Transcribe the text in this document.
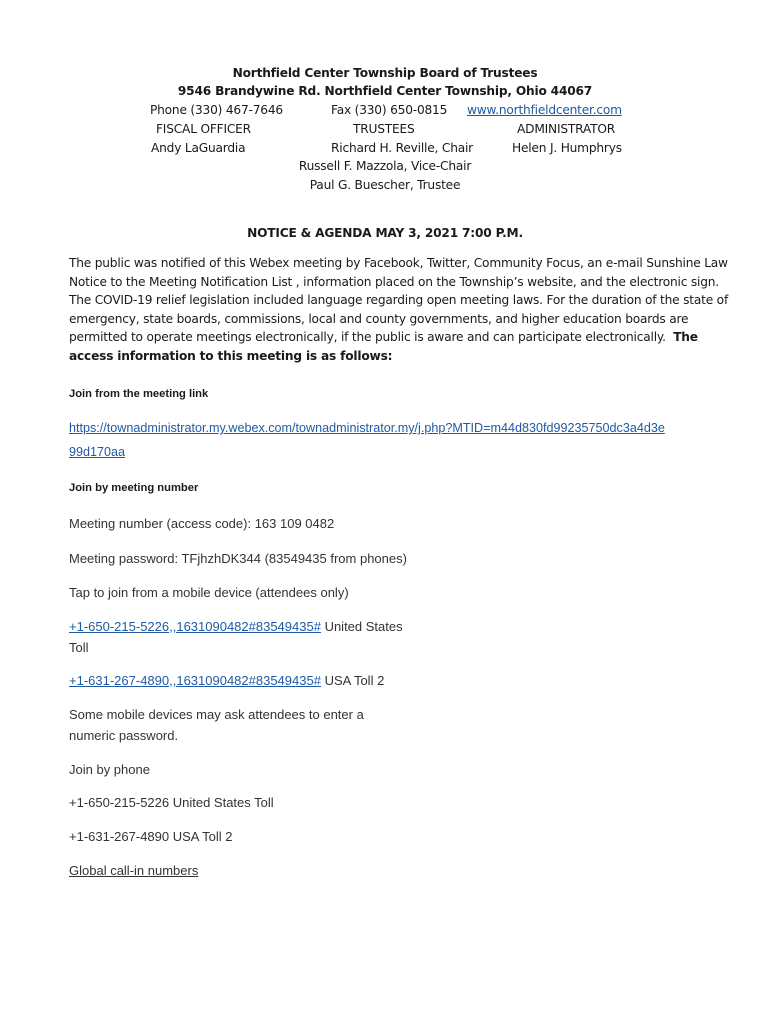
Northfield Center Township Board of Trustees
9546 Brandywine Rd. Northfield Center Township, Ohio 44067
Phone (330) 467-7646	Fax (330) 650-0815 www.northfieldcenter.com
FISCAL OFFICER	TRUSTEES	ADMINISTRATOR
Andy LaGuardia	Richard H. Reville, Chair	Helen J. Humphrys
Russell F. Mazzola, Vice-Chair
Paul G. Buescher, Trustee
NOTICE & AGENDA MAY 3, 2021 7:00 P.M.
The public was notified of this Webex meeting by Facebook, Twitter, Community Focus, an e-mail Sunshine Law
Notice to the Meeting Notification List , information placed on the Township’s website, and the electronic sign.
The COVID-19 relief legislation included language regarding open meeting laws. For the duration of the state of
emergency, state boards, commissions, local and county governments, and higher education boards are
permitted to operate meetings electronically, if the public is aware and can participate electronically. The
access information to this meeting is as follows:
Join from the meeting link
https://townadministrator.my.webex.com/townadministrator.my/j.php?MTID=m44d830fd99235750dc3a4d3e
99d170aa
Join by meeting number
Meeting number (access code): 163 109 0482
Meeting password: TFjhzhDK344 (83549435 from phones)
Tap to join from a mobile device (attendees only)
+1-650-215-5226,,1631090482#83549435# United States
Toll
+1-631-267-4890,,1631090482#83549435# USA Toll 2
Some mobile devices may ask attendees to enter a
numeric password.
Join by phone
+1-650-215-5226 United States Toll
+1-631-267-4890 USA Toll 2
Global call-in numbers
